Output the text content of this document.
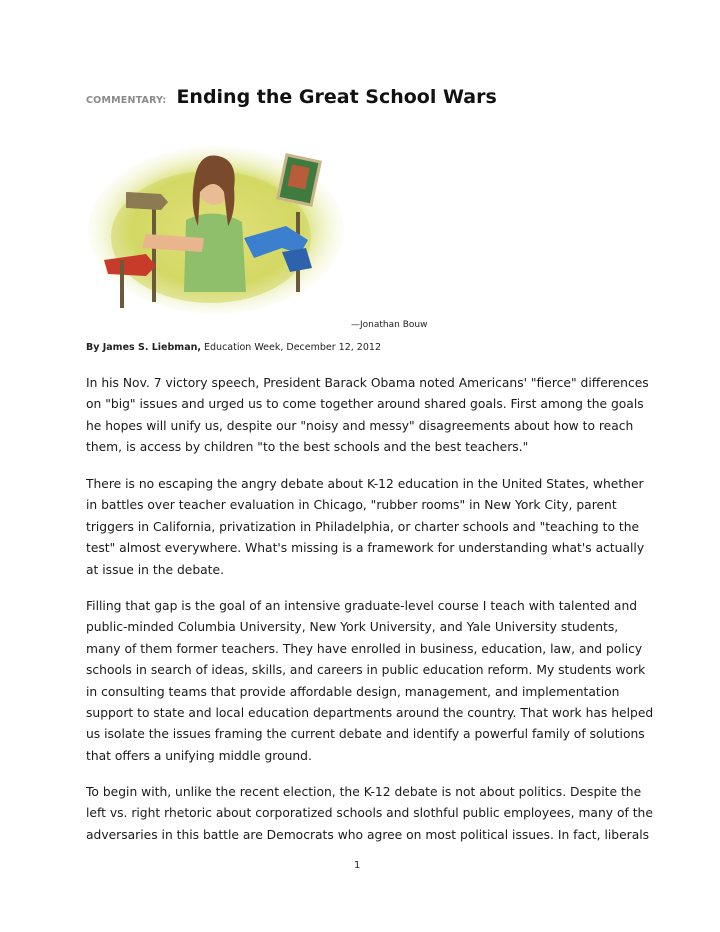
COMMENTARY: Ending the Great School Wars
—Jonathan Bouw
By James S. Liebman, Education Week, December 12, 2012
In his Nov. 7 victory speech, President Barack Obama noted Americans' "fierce" differences
on "big" issues and urged us to come together around shared goals. First among the goals
he hopes will unify us, despite our "noisy and messy" disagreements about how to reach
them, is access by children "to the best schools and the best teachers."
There is no escaping the angry debate about K-12 education in the United States, whether
in battles over teacher evaluation in Chicago, "rubber rooms" in New York City, parent
triggers in California, privatization in Philadelphia, or charter schools and "teaching to the
test" almost everywhere. What's missing is a framework for understanding what's actually
at issue in the debate.
Filling that gap is the goal of an intensive graduate-level course I teach with talented and
public-minded Columbia University, New York University, and Yale University students,
many of them former teachers. They have enrolled in business, education, law, and policy
schools in search of ideas, skills, and careers in public education reform. My students work
in consulting teams that provide affordable design, management, and implementation
support to state and local education departments around the country. That work has helped
us isolate the issues framing the current debate and identify a powerful family of solutions
that offers a unifying middle ground.
To begin with, unlike the recent election, the K-12 debate is not about politics. Despite the
left vs. right rhetoric about corporatized schools and slothful public employees, many of the
adversaries in this battle are Democrats who agree on most political issues. In fact, liberals
1
